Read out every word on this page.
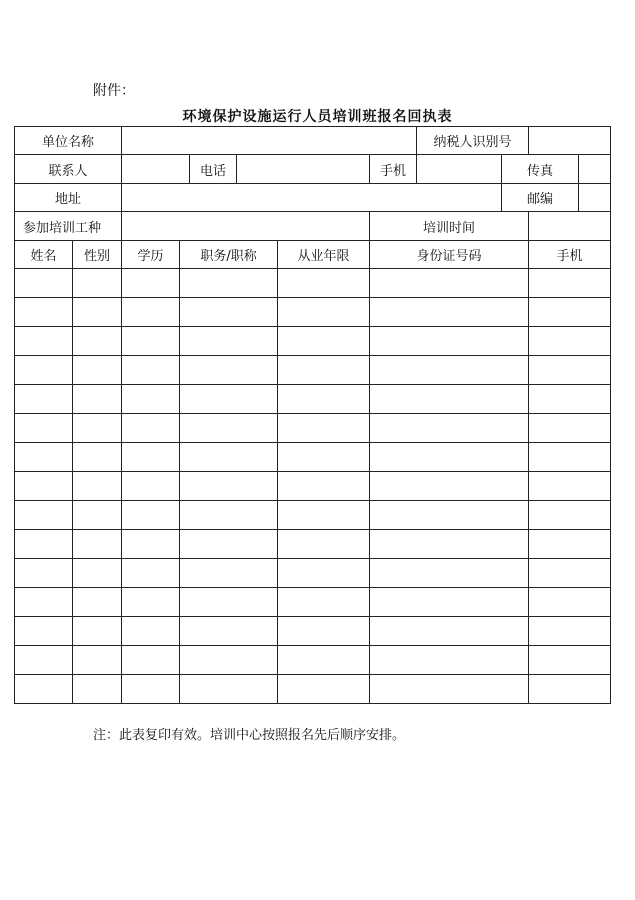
附件：
环境保护设施运行人员培训班报名回执表
单位名称								纳税人识别号			
联系人				电话			手机		传真		
地址									邮编		
参加培训工种							培训时间				
姓名	性别	学历	职务/职称			从业年限	身份证号码			手机	

注：此表复印有效。培训中心按照报名先后顺序安排。
